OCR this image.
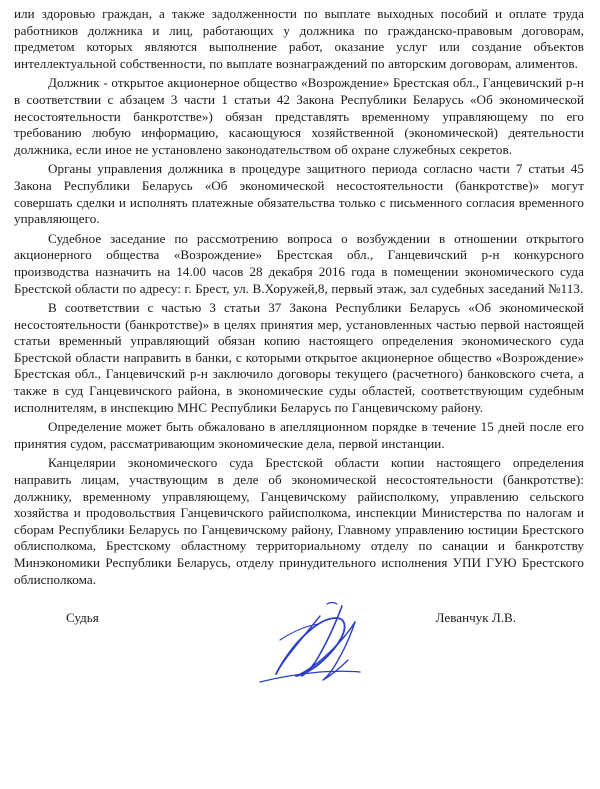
или здоровью граждан, а также задолженности по выплате выходных пособий и оплате труда работников должника и лиц, работающих у должника по гражданско-правовым договорам, предметом которых являются выполнение работ, оказание услуг или создание объектов интеллектуальной собственности, по выплате вознаграждений по авторским договорам, алиментов.

Должник - открытое акционерное общество «Возрождение» Брестская обл., Ганцевичский р-н в соответствии с абзацем 3 части 1 статьи 42 Закона Республики Беларусь «Об экономической несостоятельности банкротстве») обязан представлять временному управляющему по его требованию любую информацию, касающуюся хозяйственной (экономической) деятельности должника, если иное не установлено законодательством об охране служебных секретов.

Органы управления должника в процедуре защитного периода согласно части 7 статьи 45 Закона Республики Беларусь «Об экономической несостоятельности (банкротстве)» могут совершать сделки и исполнять платежные обязательства только с письменного согласия временного управляющего.

Судебное заседание по рассмотрению вопроса о возбуждении в отношении открытого акционерного общества «Возрождение» Брестская обл., Ганцевичский р-н конкурсного производства назначить на 14.00 часов 28 декабря 2016 года в помещении экономического суда Брестской области по адресу: г. Брест, ул. В.Хоружей,8, первый этаж, зал судебных заседаний №113.

В соответствии с частью 3 статьи 37 Закона Республики Беларусь «Об экономической несостоятельности (банкротстве)» в целях принятия мер, установленных частью первой настоящей статьи временный управляющий обязан копию настоящего определения экономического суда Брестской области направить в банки, с которыми открытое акционерное общество «Возрождение» Брестская обл., Ганцевичский р-н заключило договоры текущего (расчетного) банковского счета, а также в суд Ганцевичского района, в экономические суды областей, соответствующим судебным исполнителям, в инспекцию МНС Республики Беларусь по Ганцевичскому району.

Определение может быть обжаловано в апелляционном порядке в течение 15 дней после его принятия судом, рассматривающим экономические дела, первой инстанции.

Канцелярии экономического суда Брестской области копии настоящего определения направить лицам, участвующим в деле об экономической несостоятельности (банкротстве): должнику, временному управляющему, Ганцевичскому райисполкому, управлению сельского хозяйства и продовольствия Ганцевичского райисполкома, инспекции Министерства по налогам и сборам Республики Беларусь по Ганцевичскому району, Главному управлению юстиции Брестского облисполкома, Брестскому областному территориальному отделу по санации и банкротству Минэкономики Республики Беларусь, отделу принудительного исполнения УПИ ГУЮ Брестского облисполкома.

Судья	Леванчук Л.В.
